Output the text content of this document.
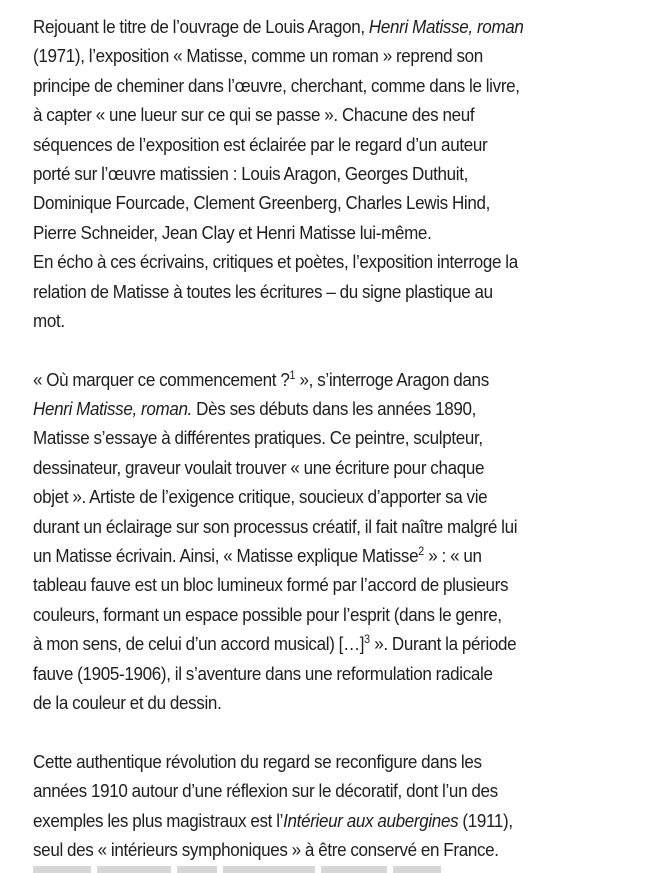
Rejouant le titre de l’ouvrage de Louis Aragon, Henri Matisse, roman
(1971), l’exposition « Matisse, comme un roman » reprend son
principe de cheminer dans l’œuvre, cherchant, comme dans le livre,
à capter « une lueur sur ce qui se passe ». Chacune des neuf
séquences de l’exposition est éclairée par le regard d’un auteur
porté sur l’œuvre matissien : Louis Aragon, Georges Duthuit,
Dominique Fourcade, Clement Greenberg, Charles Lewis Hind,
Pierre Schneider, Jean Clay et Henri Matisse lui-même.
En écho à ces écrivains, critiques et poètes, l’exposition interroge la
relation de Matisse à toutes les écritures – du signe plastique au
mot.
« Où marquer ce commencement ?$^1$ », s’interroge Aragon dans
Henri Matisse, roman. Dès ses débuts dans les années 1890,
Matisse s’essaye à différentes pratiques. Ce peintre, sculpteur,
dessinateur, graveur voulait trouver « une écriture pour chaque
objet ». Artiste de l’exigence critique, soucieux d’apporter sa vie
durant un éclairage sur son processus créatif, il fait naître malgré lui
un Matisse écrivain. Ainsi, « Matisse explique Matisse$^2$ » : « un
tableau fauve est un bloc lumineux formé par l’accord de plusieurs
couleurs, formant un espace possible pour l’esprit (dans le genre,
à mon sens, de celui d’un accord musical) […]$^3$ ». Durant la période
fauve (1905-1906), il s’aventure dans une reformulation radicale
de la couleur et du dessin.
Cette authentique révolution du regard se reconfigure dans les
années 1910 autour d’une réflexion sur le décoratif, dont l’un des
exemples les plus magistraux est l’Intérieur aux aubergines (1911),
seul des « intérieurs symphoniques » à être conservé en France.
